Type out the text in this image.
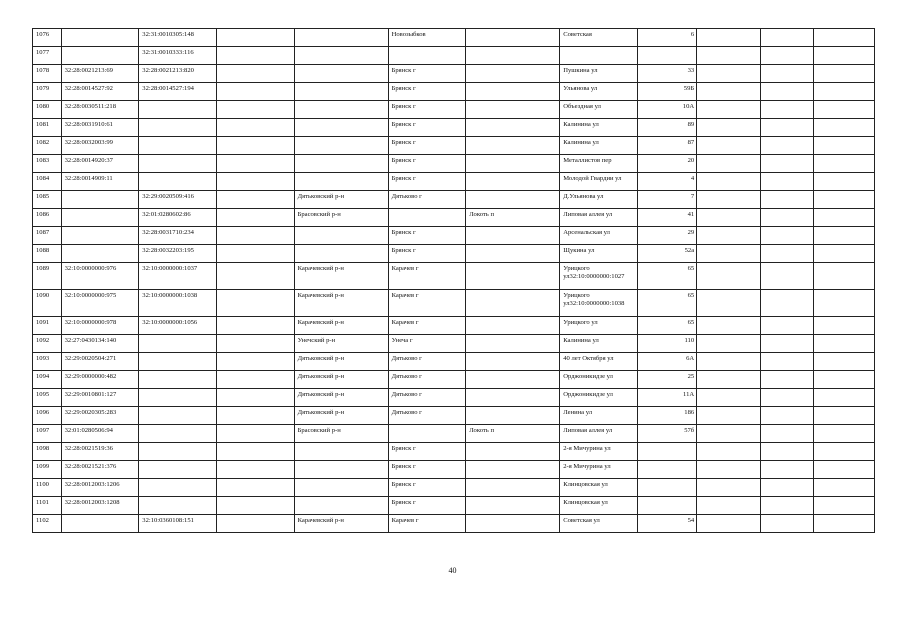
1076		32:31:0010305:148			Новозыбков		Советская	6			
1077		32:31:0010333:116									
1078	32:28:0021213:69	32:28:0021213:820			Брянск г		Пушкина ул	33			
1079	32:28:0014527:92	32:28:0014527:194			Брянск г		Ульянова ул	59Б			
1080	32:28:0030511:218				Брянск г		Объездная ул	10А			
1081	32:28:0031910:61				Брянск г		Калинина ул	89			
1082	32:28:0032003:99				Брянск г		Калинина ул	87			
1083	32:28:0014920:37				Брянск г		Металлистов пер	20			
1084	32:28:0014909:11				Брянск г		Молодой Гвардии ул	4			
1085		32:29:0020509:416		Дятьковский р-н	Дятьково г		Д.Ульянова ул	7			
1086		32:01:0280602:86		Брасовский р-н		Локоть п	Липовая аллея ул	41			
1087		32:28:0031710:234			Брянск г		Арсенальская ул	29			
1088		32:28:0032203:195			Брянск г		Щукина ул	52а			
1089	32:10:0000000:976	32:10:0000000:1037		Карачевский р-н	Карачев г		Урицкого ул32:10:0000000:1027	65			
1090	32:10:0000000:975	32:10:0000000:1038		Карачевский р-н	Карачев г		Урицкого ул32:10:0000000:1038	65			
1091	32:10:0000000:978	32:10:0000000:1056		Карачевский р-н	Карачев г		Урицкого ул	65			
1092	32:27:0430134:140			Унечский р-н	Унеча г		Калинина ул	110			
1093	32:29:0020504:271			Дятьковский р-н	Дятьково г		40 лет Октября ул	6А			
1094	32:29:0000000:482			Дятьковский р-н	Дятьково г		Орджоникидзе ул	25			
1095	32:29:0010801:127			Дятьковский р-н	Дятьково г		Орджоникидзе ул	11А			
1096	32:29:0020305:283			Дятьковский р-н	Дятьково г		Ленина ул	186			
1097	32:01:0280506:94			Брасовский р-н		Локоть п	Липовая аллея ул	57б			
1098	32:28:0021519:36				Брянск г		2-я Мичурина ул				
1099	32:28:0021521:376				Брянск г		2-я Мичурина ул				
1100	32:28:0012003:1206				Брянск г		Клинцовская ул				
1101	32:28:0012003:1208				Брянск г		Клинцовская ул				
1102		32:10:0360108:151		Карачевский р-н	Карачев г		Советская ул	54			
40
